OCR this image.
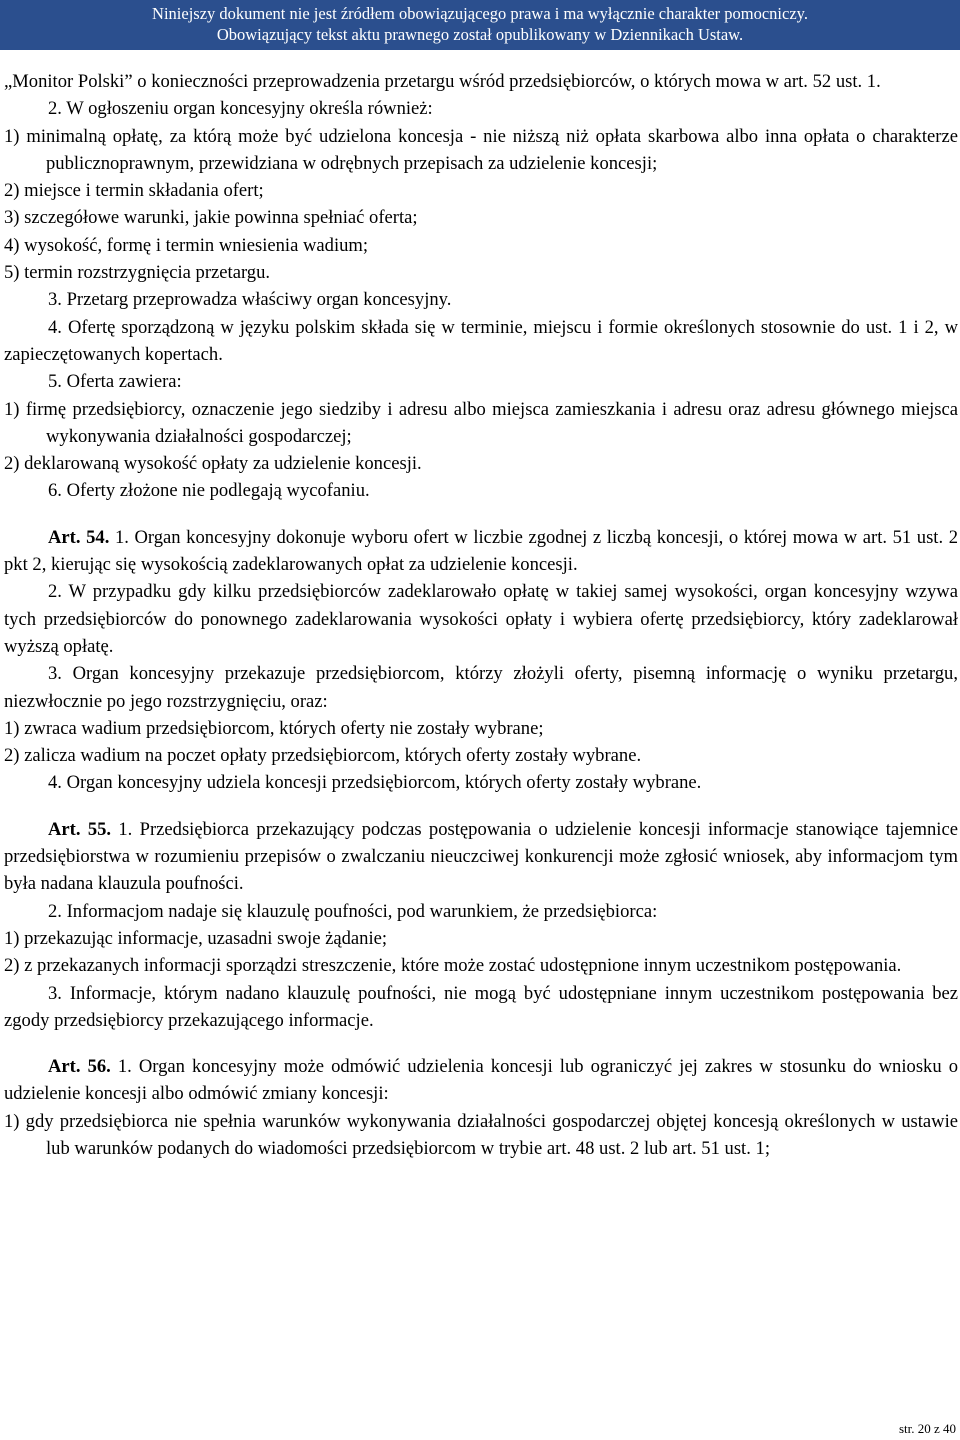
Niniejszy dokument nie jest źródłem obowiązującego prawa i ma wyłącznie charakter pomocniczy.
Obowiązujący tekst aktu prawnego został opublikowany w Dziennikach Ustaw.

„Monitor Polski” o konieczności przeprowadzenia przetargu wśród przedsiębiorców, o których mowa w art. 52 ust. 1.

2. W ogłoszeniu organ koncesyjny określa również:

1) minimalną opłatę, za którą może być udzielona koncesja - nie niższą niż opłata skarbowa albo inna opłata o charakterze publicznoprawnym, przewidziana w odrębnych przepisach za udzielenie koncesji;

2) miejsce i termin składania ofert;

3) szczegółowe warunki, jakie powinna spełniać oferta;

4) wysokość, formę i termin wniesienia wadium;

5) termin rozstrzygnięcia przetargu.

3. Przetarg przeprowadza właściwy organ koncesyjny.

4. Ofertę sporządzoną w języku polskim składa się w terminie, miejscu i formie określonych stosownie do ust. 1 i 2, w zapieczętowanych kopertach.

5. Oferta zawiera:

1) firmę przedsiębiorcy, oznaczenie jego siedziby i adresu albo miejsca zamieszkania i adresu oraz adresu głównego miejsca wykonywania działalności gospodarczej;

2) deklarowaną wysokość opłaty za udzielenie koncesji.

6. Oferty złożone nie podlegają wycofaniu.

Art. 54. 1. Organ koncesyjny dokonuje wyboru ofert w liczbie zgodnej z liczbą koncesji, o której mowa w art. 51 ust. 2 pkt 2, kierując się wysokością zadeklarowanych opłat za udzielenie koncesji.

2. W przypadku gdy kilku przedsiębiorców zadeklarowało opłatę w takiej samej wysokości, organ koncesyjny wzywa tych przedsiębiorców do ponownego zadeklarowania wysokości opłaty i wybiera ofertę przedsiębiorcy, który zadeklarował wyższą opłatę.

3. Organ koncesyjny przekazuje przedsiębiorcom, którzy złożyli oferty, pisemną informację o wyniku przetargu, niezwłocznie po jego rozstrzygnięciu, oraz:

1) zwraca wadium przedsiębiorcom, których oferty nie zostały wybrane;

2) zalicza wadium na poczet opłaty przedsiębiorcom, których oferty zostały wybrane.

4. Organ koncesyjny udziela koncesji przedsiębiorcom, których oferty zostały wybrane.

Art. 55. 1. Przedsiębiorca przekazujący podczas postępowania o udzielenie koncesji informacje stanowiące tajemnice przedsiębiorstwa w rozumieniu przepisów o zwalczaniu nieuczciwej konkurencji może zgłosić wniosek, aby informacjom tym była nadana klauzula poufności.

2. Informacjom nadaje się klauzulę poufności, pod warunkiem, że przedsiębiorca:

1) przekazując informacje, uzasadni swoje żądanie;

2) z przekazanych informacji sporządzi streszczenie, które może zostać udostępnione innym uczestnikom postępowania.

3. Informacje, którym nadano klauzulę poufności, nie mogą być udostępniane innym uczestnikom postępowania bez zgody przedsiębiorcy przekazującego informacje.

Art. 56. 1. Organ koncesyjny może odmówić udzielenia koncesji lub ograniczyć jej zakres w stosunku do wniosku o udzielenie koncesji albo odmówić zmiany koncesji:

1) gdy przedsiębiorca nie spełnia warunków wykonywania działalności gospodarczej objętej koncesją określonych w ustawie lub warunków podanych do wiadomości przedsiębiorcom w trybie art. 48 ust. 2 lub art. 51 ust. 1;

str. 20 z 40
